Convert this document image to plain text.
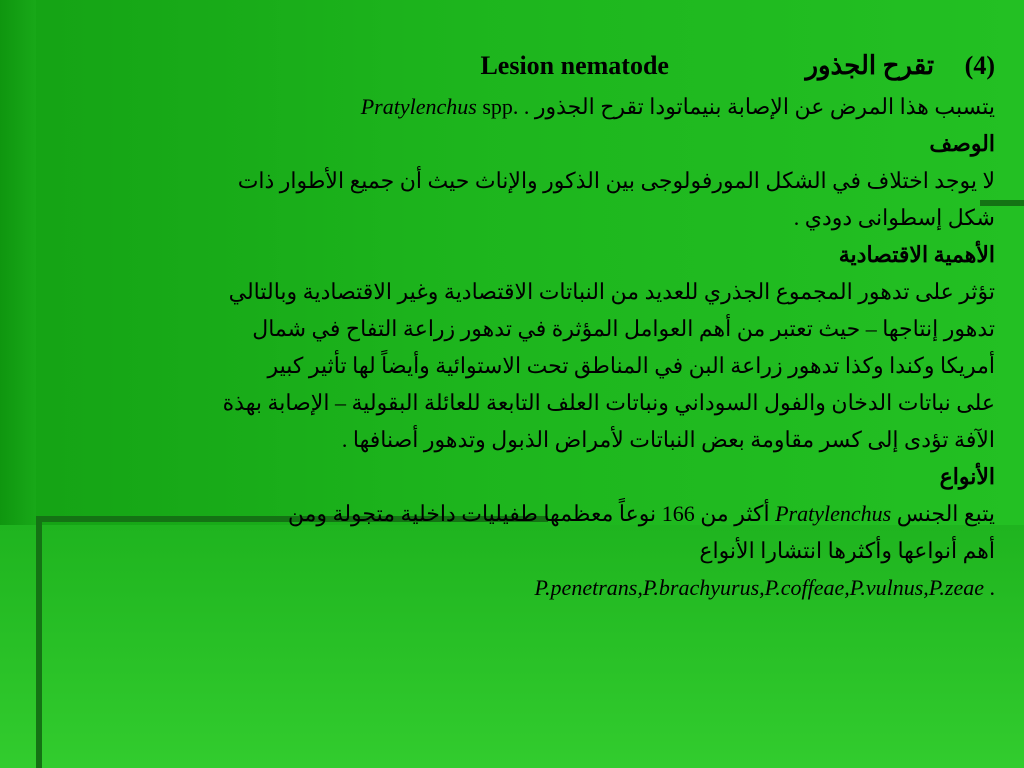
(4) تقرح الجذور Lesion nematode
يتسبب هذا المرض عن الإصابة بنيماتودا تقرح الجذور . Pratylenchus spp.
الوصف
لا يوجد اختلاف في الشكل المورفولوجى بين الذكور والإناث حيث أن جميع الأطوار ذات
شكل إسطوانى دودي .
الأهمية الاقتصادية
تؤثر على تدهور المجموع الجذري للعديد من النباتات الاقتصادية وغير الاقتصادية وبالتالي
تدهور إنتاجها – حيث تعتبر من أهم العوامل المؤثرة في تدهور زراعة التفاح في شمال
أمريكا وكندا وكذا تدهور زراعة البن في المناطق تحت الاستوائية وأيضاً لها تأثير كبير
على نباتات الدخان والفول السوداني ونباتات العلف التابعة للعائلة البقولية – الإصابة بهذة
الآفة تؤدى إلى كسر مقاومة بعض النباتات لأمراض الذبول وتدهور أصنافها .
الأنواع
يتبع الجنس Pratylenchus أكثر من 166 نوعاً معظمها طفيليات داخلية متجولة ومن
أهم أنواعها وأكثرها انتشارا الأنواع
P.penetrans,P.brachyurus,P.coffeae,P.vulnus,P.zeae .
